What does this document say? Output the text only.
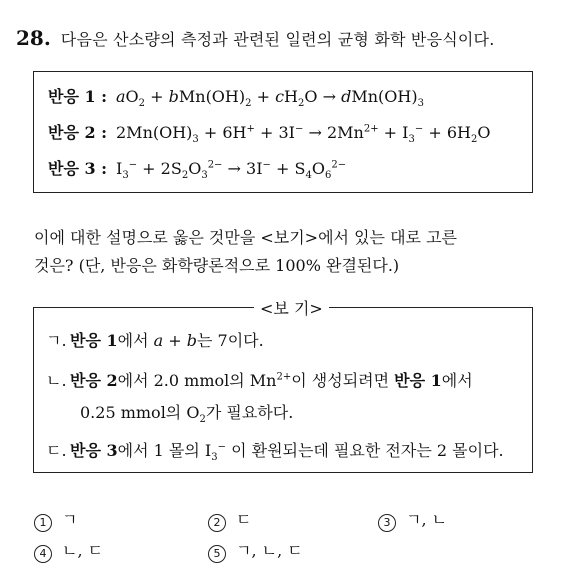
28. 다음은 산소량의 측정과 관련된 일련의 균형 화학 반응식이다.
반응 1 : $aO_2 + bMn(OH)_2 + cH_2O \to dMn(OH)_3$
반응 2 : $2Mn(OH)_3 + 6H^+ + 3I^- \to 2Mn^{2+} + I_3^- + 6H_2O$
반응 3 : $I_3^- + 2S_2O_3^{2-} \to 3I^- + S_4O_6^{2-}$
이에 대한 설명으로 옳은 것만을 <보기>에서 있는 대로 고른
것은? (단, 반응은 화학량론적으로 100% 완결된다.)
<보 기>
ㄱ. 반응 1에서 a + b는 7이다.
ㄴ. 반응 2에서 2.0 mmol의 $Mn^{2+}$이 생성되려면 반응 1에서
0.25 mmol의 $O_2$가 필요하다.
ㄷ. 반응 3에서 1 몰의 $I_3^-$ 이 환원되는데 필요한 전자는 2 몰이다.
1 ㄱ	2 ㄷ	3 ㄱ, ㄴ
4 ㄴ, ㄷ	5 ㄱ, ㄴ, ㄷ
